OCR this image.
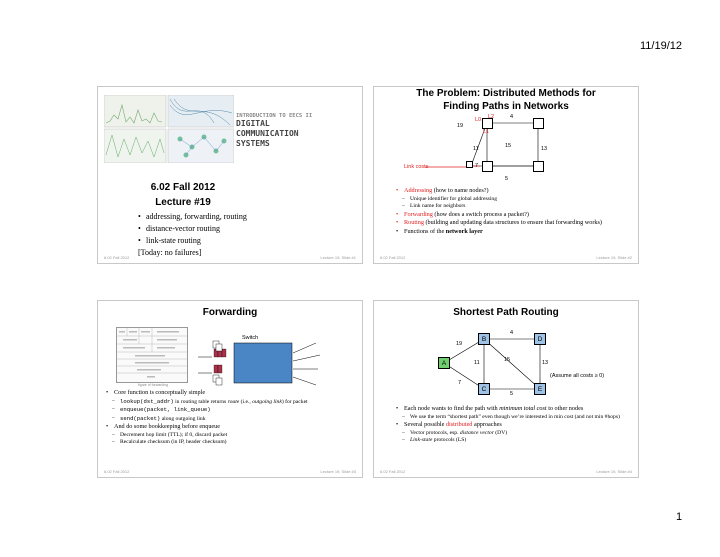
11/19/12
INTRODUCTION TO EECS II
DIGITAL
COMMUNICATION
SYSTEMS
6.02 Fall 2012
Lecture #19
• addressing, forwarding, routing
• distance-vector routing
• link-state routing
[Today: no failures]
6.02 Fall 2012	Lecture 19, Slide #1
The Problem: Distributed Methods for
Finding Paths in Networks
L0 L2
L1
4
19
15
11	13
7
5
Link costs
• Addressing (how to name nodes?)
– Unique identifier for global addressing
– Link name for neighbors
• Forwarding (how does a switch process a packet?)
• Routing (building and updating data structures to ensure that forwarding works)
• Functions of the network layer
6.02 Fall 2012	Lecture 19, Slide #2
Forwarding
figure of forwarding
Switch
• Core function is conceptually simple
– lookup(dst_addr) in routing table returns route (i.e., outgoing link) for packet
– enqueue(packet, link_queue)
– send(packet) along outgoing link
• And do some bookkeeping before enqueue
– Decrement hop limit (TTL); if 0, discard packet
– Recalculate checksum (in IP, header checksum)
6.02 Fall 2012	Lecture 19, Slide #3
Shortest Path Routing
A
B
C
D
E
4
19
15
11	13
7
5
(Assume all costs ≥ 0)
• Each node wants to find the path with minimum total cost to other nodes
– We use the term “shortest path” even though we’re interested in min cost (and not min #hops)
• Several possible distributed approaches
– Vector protocols, esp. distance vector (DV)
– Link-state protocols (LS)
6.02 Fall 2012	Lecture 19, Slide #4
1
